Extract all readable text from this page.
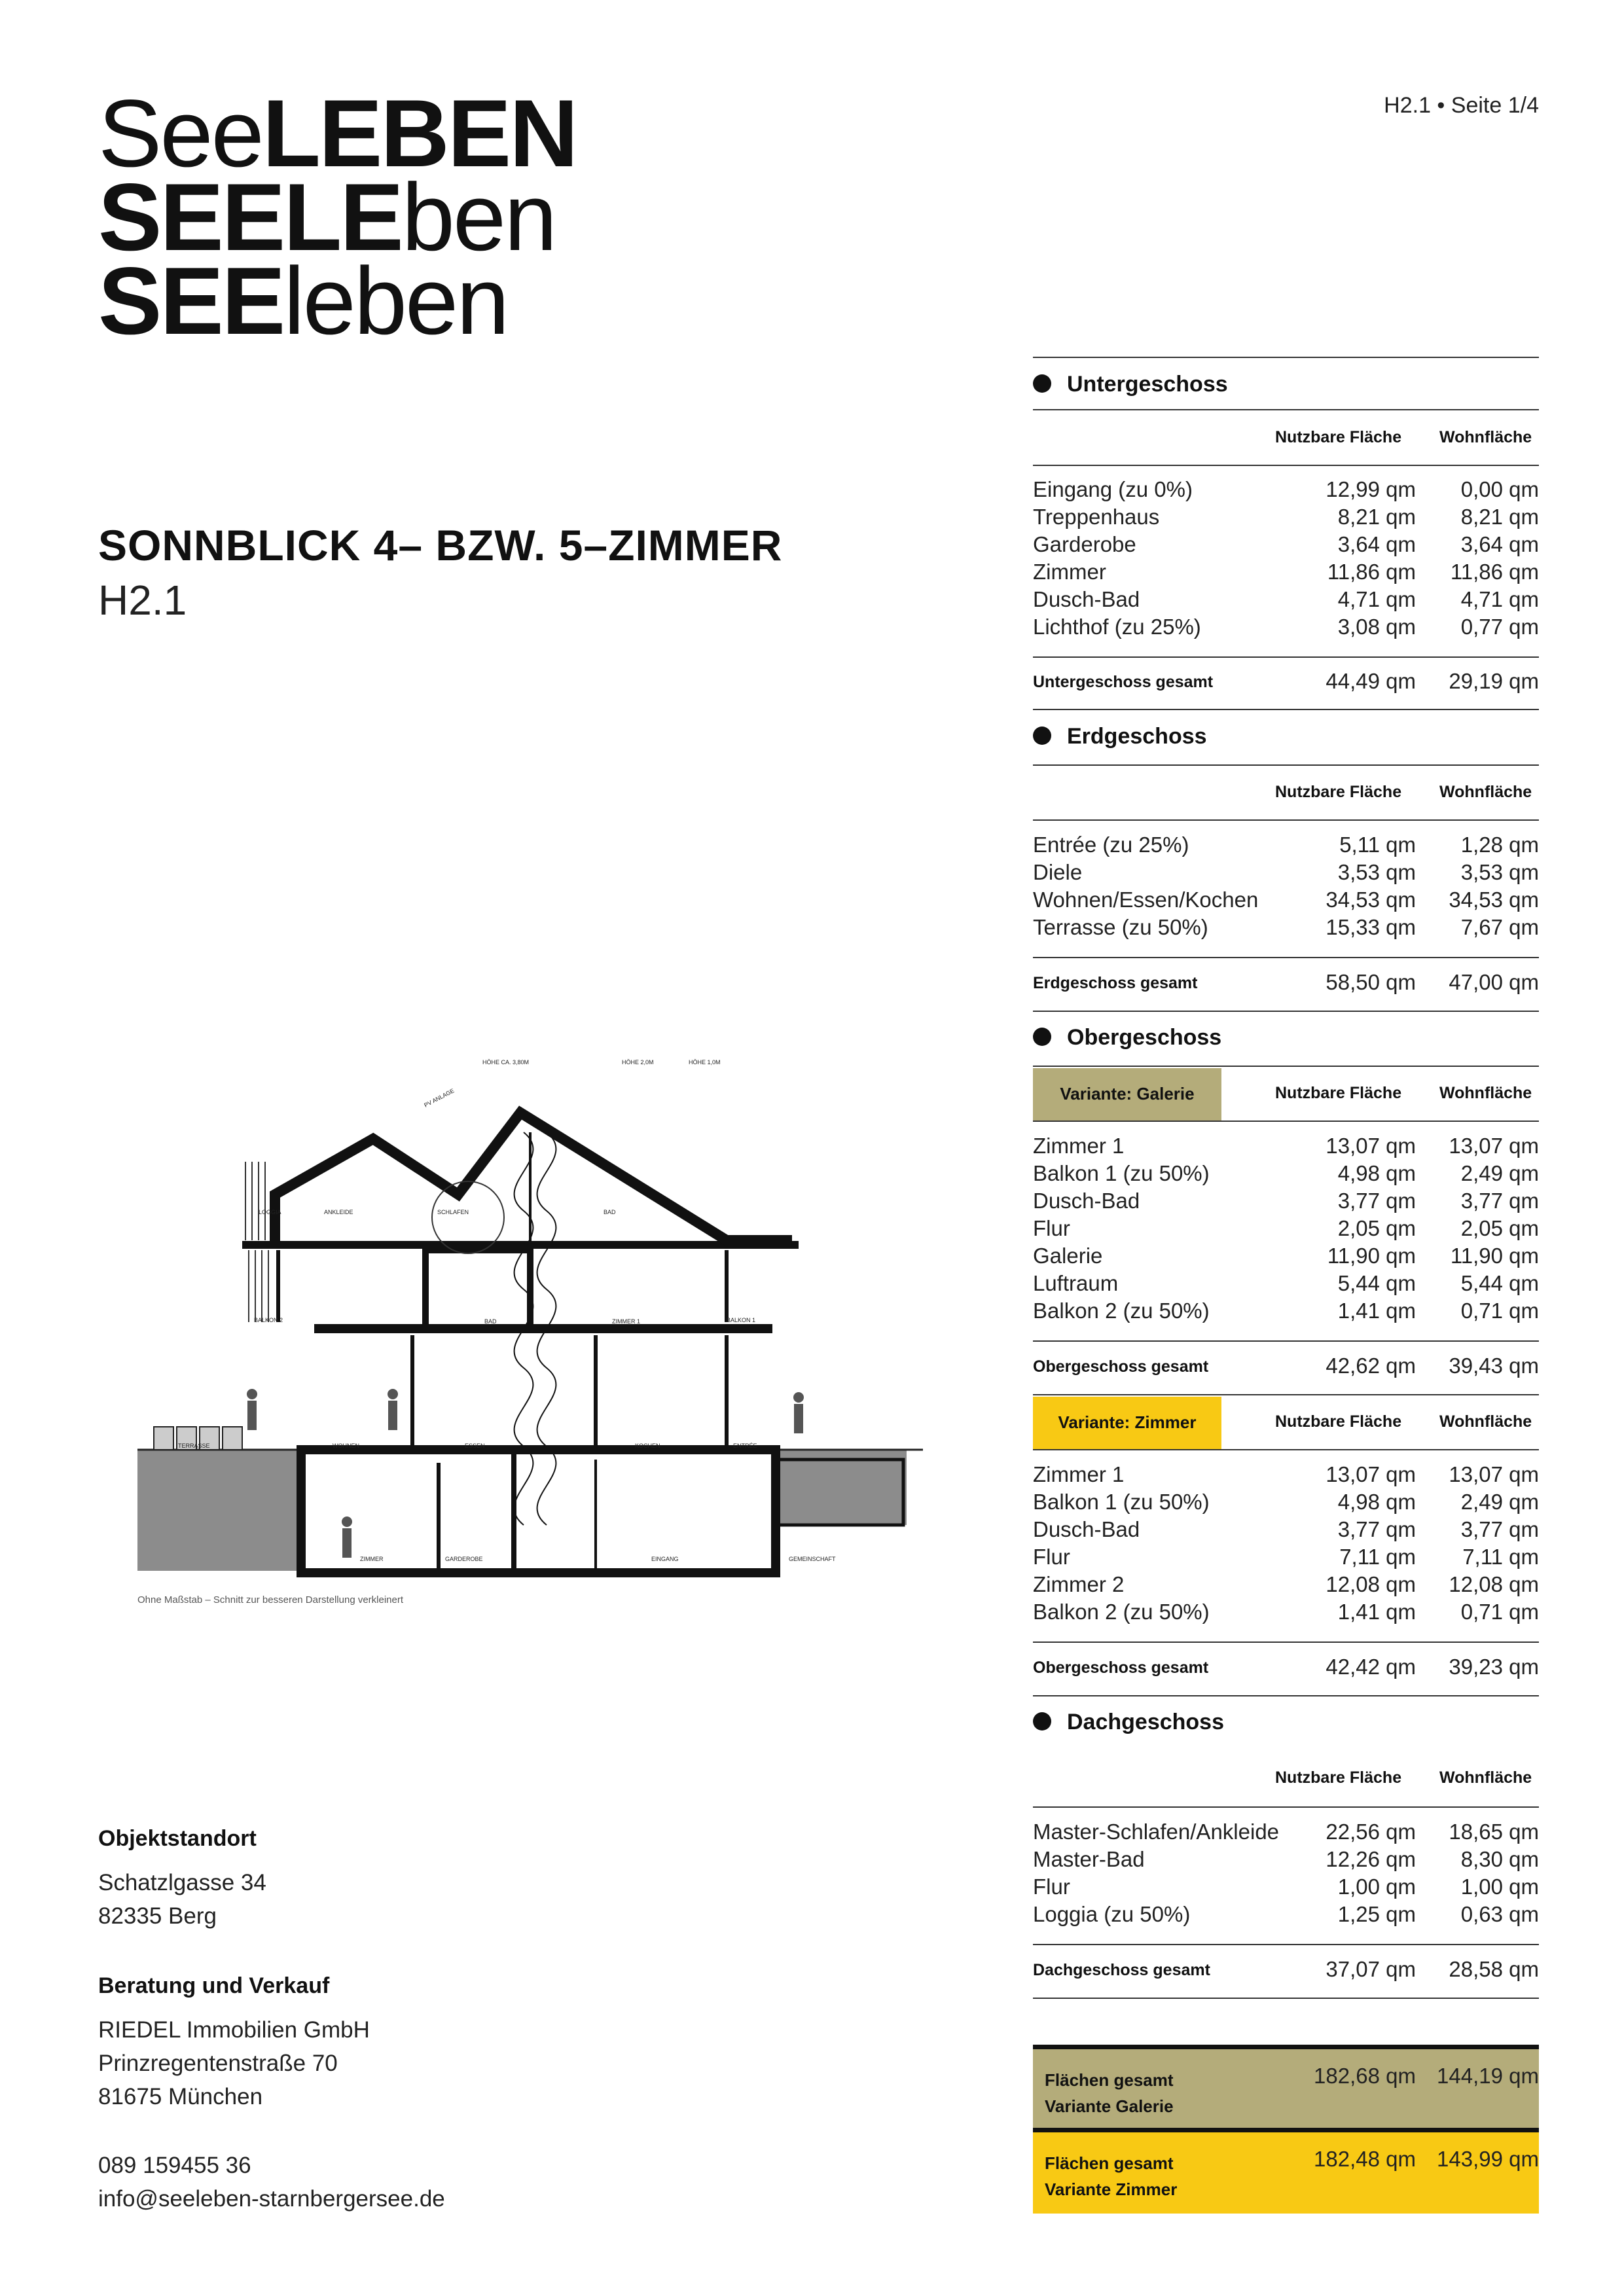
SeeLEBEN
SEELEben
SEEleben
H2.1 • Seite 1/4
SONNBLICK 4– BZW. 5–ZIMMER
H2.1
Untergeschoss
Nutzbare Fläche Wohnfläche
Eingang (zu 0%)	12,99 qm 0,00 qm
Treppenhaus	8,21 qm 8,21 qm
Garderobe	3,64 qm 3,64 qm
Zimmer	11,86 qm 11,86 qm
Dusch-Bad	4,71 qm 4,71 qm
Lichthof (zu 25%)	3,08 qm 0,77 qm
Untergeschoss gesamt	44,49 qm 29,19 qm
Erdgeschoss
Nutzbare Fläche Wohnfläche
Entrée (zu 25%)	5,11 qm 1,28 qm
Diele	3,53 qm 3,53 qm
Wohnen/Essen/Kochen	34,53 qm 34,53 qm
Terrasse (zu 50%)	15,33 qm 7,67 qm
Erdgeschoss gesamt	58,50 qm 47,00 qm
Obergeschoss
Variante: Galerie	Nutzbare Fläche Wohnfläche
Zimmer 1	13,07 qm 13,07 qm
Balkon 1 (zu 50%)	4,98 qm 2,49 qm
Dusch-Bad	3,77 qm 3,77 qm
Flur	2,05 qm 2,05 qm
Galerie	11,90 qm 11,90 qm
Luftraum	5,44 qm 5,44 qm
Balkon 2 (zu 50%)	1,41 qm 0,71 qm
Obergeschoss gesamt	42,62 qm 39,43 qm
Variante: Zimmer	Nutzbare Fläche Wohnfläche
Zimmer 1	13,07 qm 13,07 qm
Balkon 1 (zu 50%)	4,98 qm 2,49 qm
Dusch-Bad	3,77 qm 3,77 qm
Flur	7,11 qm 7,11 qm
Zimmer 2	12,08 qm 12,08 qm
Balkon 2 (zu 50%)	1,41 qm 0,71 qm
Obergeschoss gesamt	42,42 qm 39,23 qm
Dachgeschoss
Nutzbare Fläche Wohnfläche
Master-Schlafen/Ankleide 22,56 qm 18,65 qm
Master-Bad	12,26 qm 8,30 qm
Flur	1,00 qm 1,00 qm
Loggia (zu 50%)	1,25 qm 0,63 qm
Dachgeschoss gesamt	37,07 qm 28,58 qm
Flächen gesamt
Variante Galerie
182,68 qm 144,19 qm
Flächen gesamt
Variante Zimmer
182,48 qm 143,99 qm
HÖHE CA. 3,80M	HÖHE 2,0M	HÖHE 1,0M
PV ANLAGE
LOGGIA	ANKLEIDE	SCHLAFEN	BAD
BALKON 2	BAD	ZIMMER 1	BALKON 1
TERRASSE	WOHNEN	ESSEN	KOCHEN	ENTRÉE
ZIMMER	GARDEROBE	EINGANG	GEMEINSCHAFT
Ohne Maßstab – Schnitt zur besseren Darstellung verkleinert
Objektstandort
Schatzlgasse 34
82335 Berg
Beratung und Verkauf
RIEDEL Immobilien GmbH
Prinzregentenstraße 70
81675 München
089 159455 36
info@seeleben-starnbergersee.de
